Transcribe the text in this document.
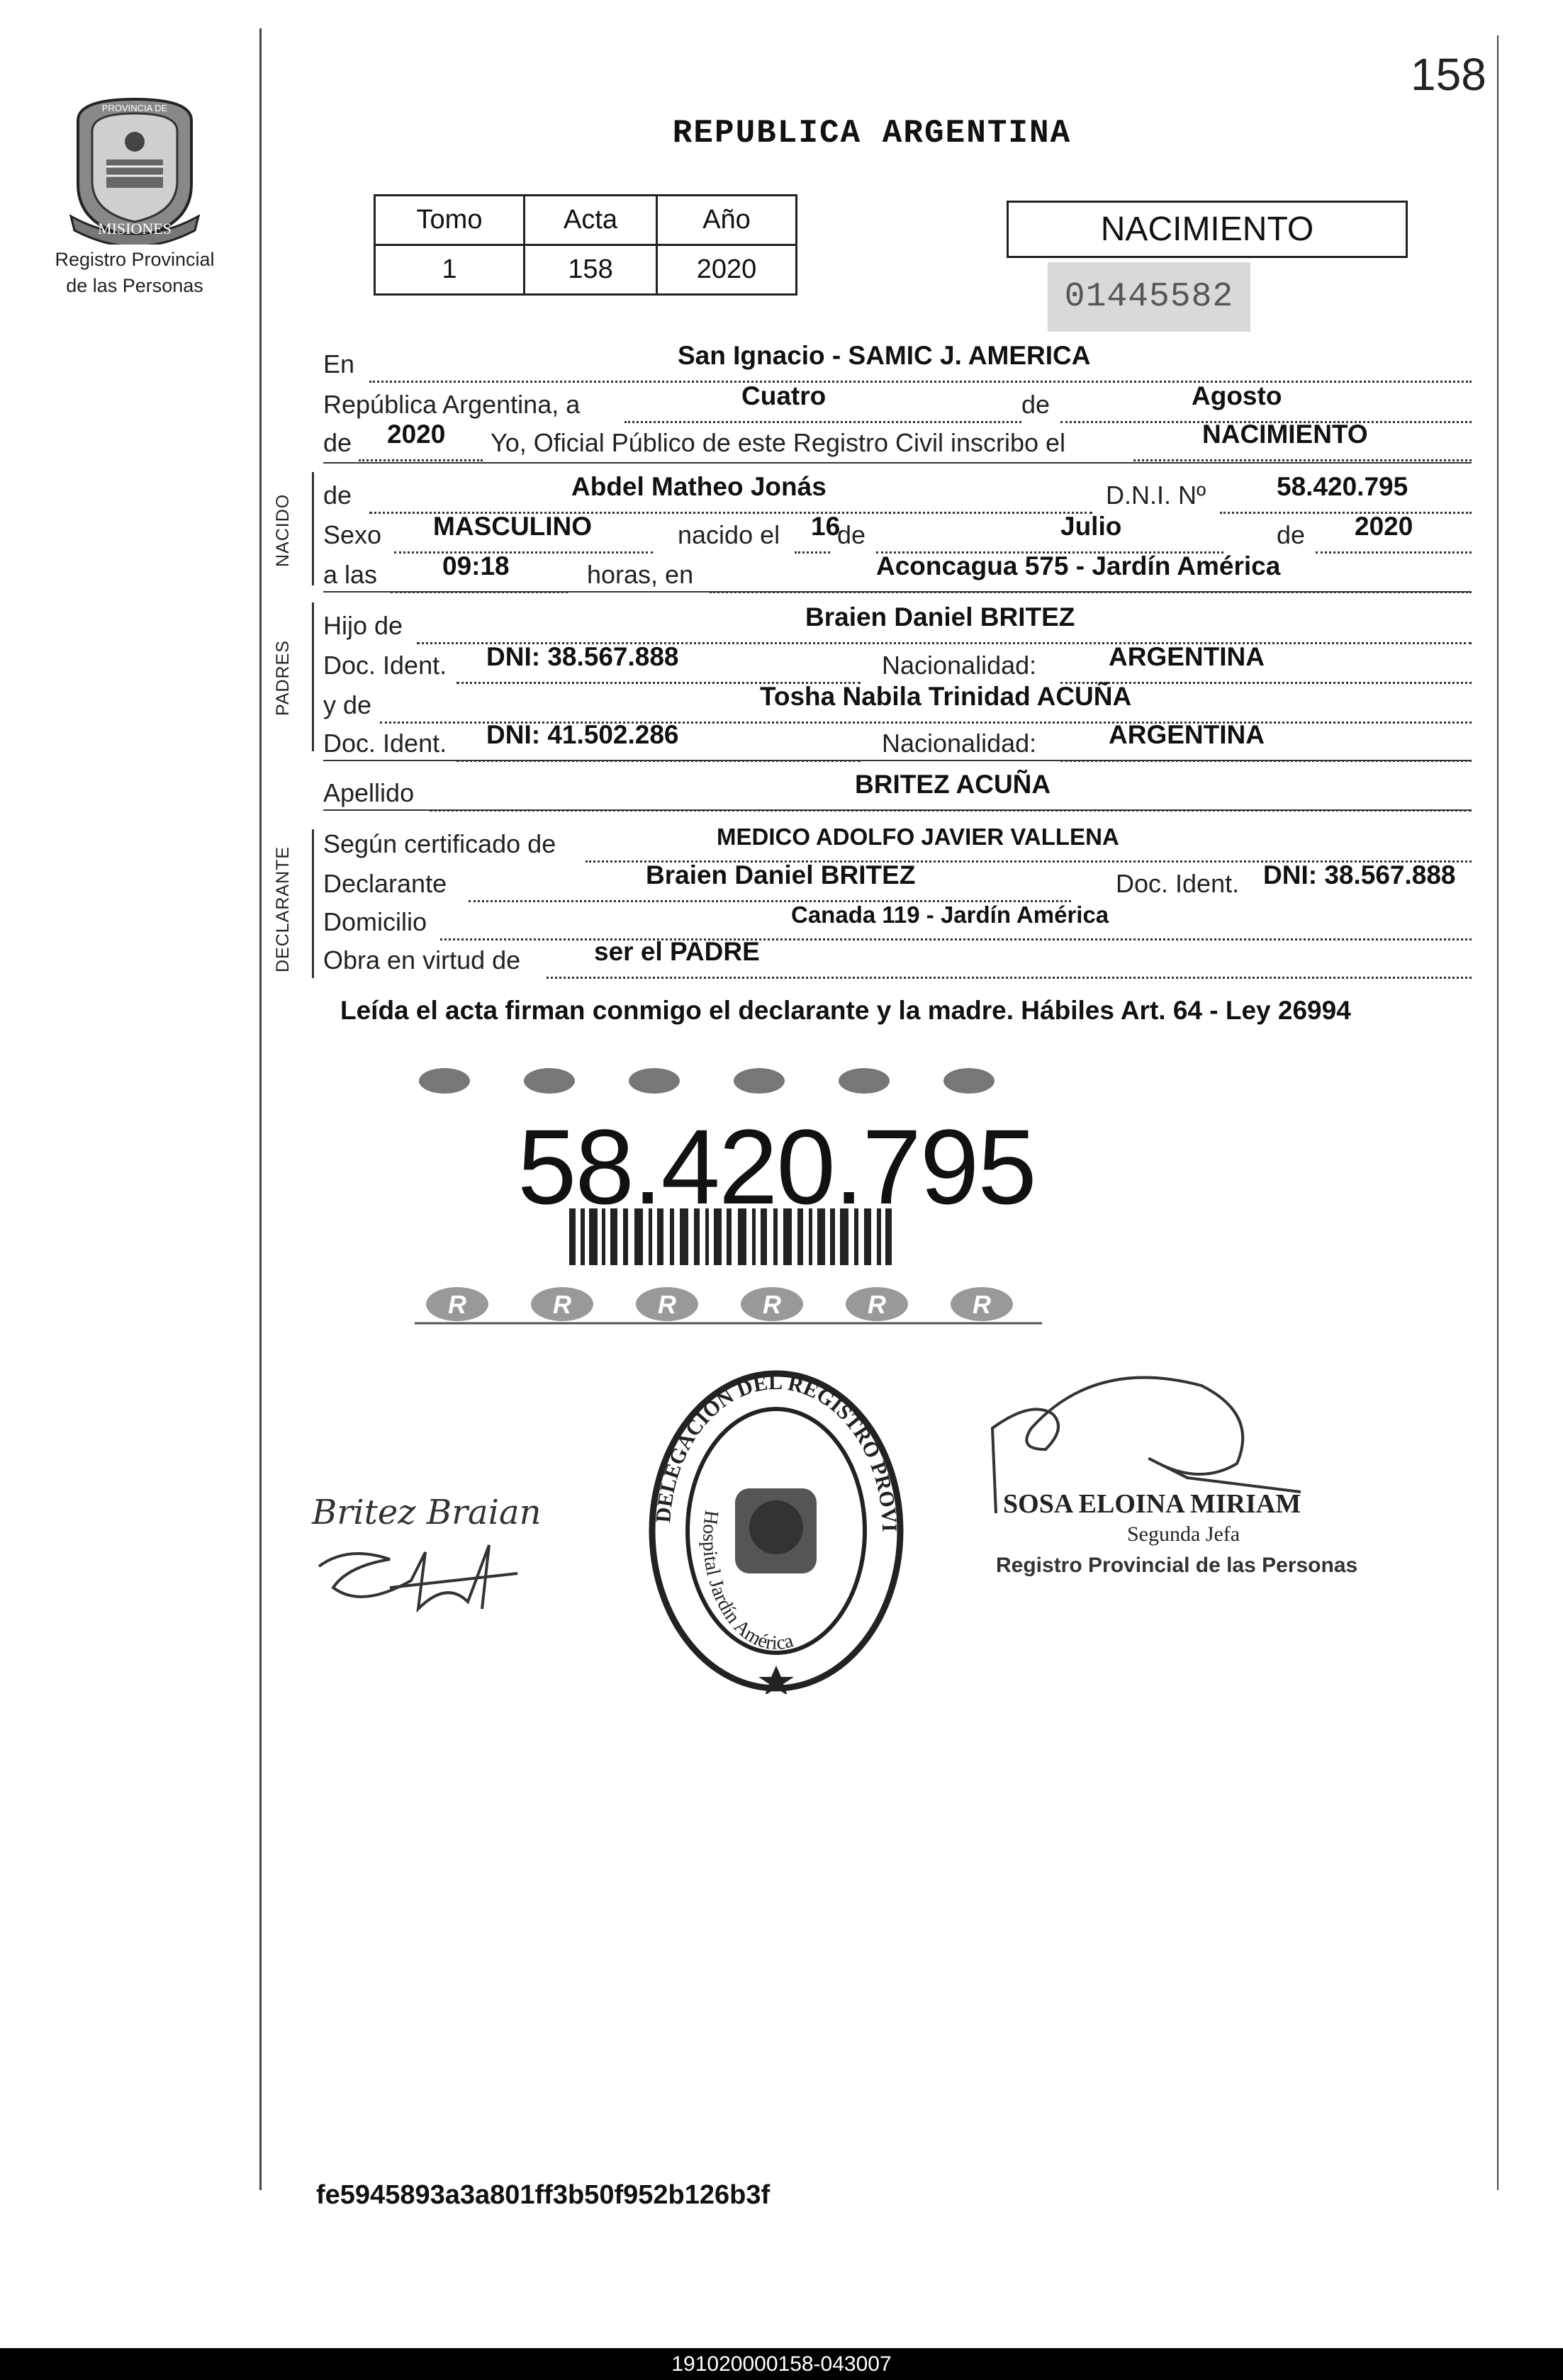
158
MISIONES
PROVINCIA DE
Registro Provincial
de las Personas
REPUBLICA ARGENTINA
Tomo	Acta	Año
1	158	2020
NACIMIENTO
01445582
En	San Ignacio - SAMIC J. AMERICA
República Argentina, a	Cuatro	de	Agosto
de 2020 Yo, Oficial Público de este Registro Civil inscribo el	NACIMIENTO
NACIDO de	Abdel Matheo Jonás	D.N.I. Nº	58.420.795
Sexo MASCULINO	nacido el 16
de	Julio	de 2020
a las 09:18	horas, en	Aconcagua 575 - Jardín América
PADRES
Hijo de	Braien Daniel BRITEZ
Doc. Ident. DNI: 38.567.888	Nacionalidad:	ARGENTINA
y de	Tosha Nabila Trinidad ACUÑA
Doc. Ident. DNI: 41.502.286	Nacionalidad:	ARGENTINA
Apellido	BRITEZ ACUÑA
DECLARANTE
Según certificado de	MEDICO ADOLFO JAVIER VALLENA
Declarante	Braien Daniel BRITEZ	Doc. Ident. DNI: 38.567.888
Domicilio	Canada 119 - Jardín América
Obra en virtud de	ser el PADRE
Leída el acta firman conmigo el declarante y la madre. Hábiles Art. 64 - Ley 26994
R	R	R	R	R	R
58.420.795
DELEGACION DEL REGISTRO PROVI
Hospital Jardín América
Britez Braian	SOSA ELOINA MIRIAM
Segunda Jefa
Registro Provincial de las Personas
fe5945893a3a801ff3b50f952b126b3f
191020000158-043007
